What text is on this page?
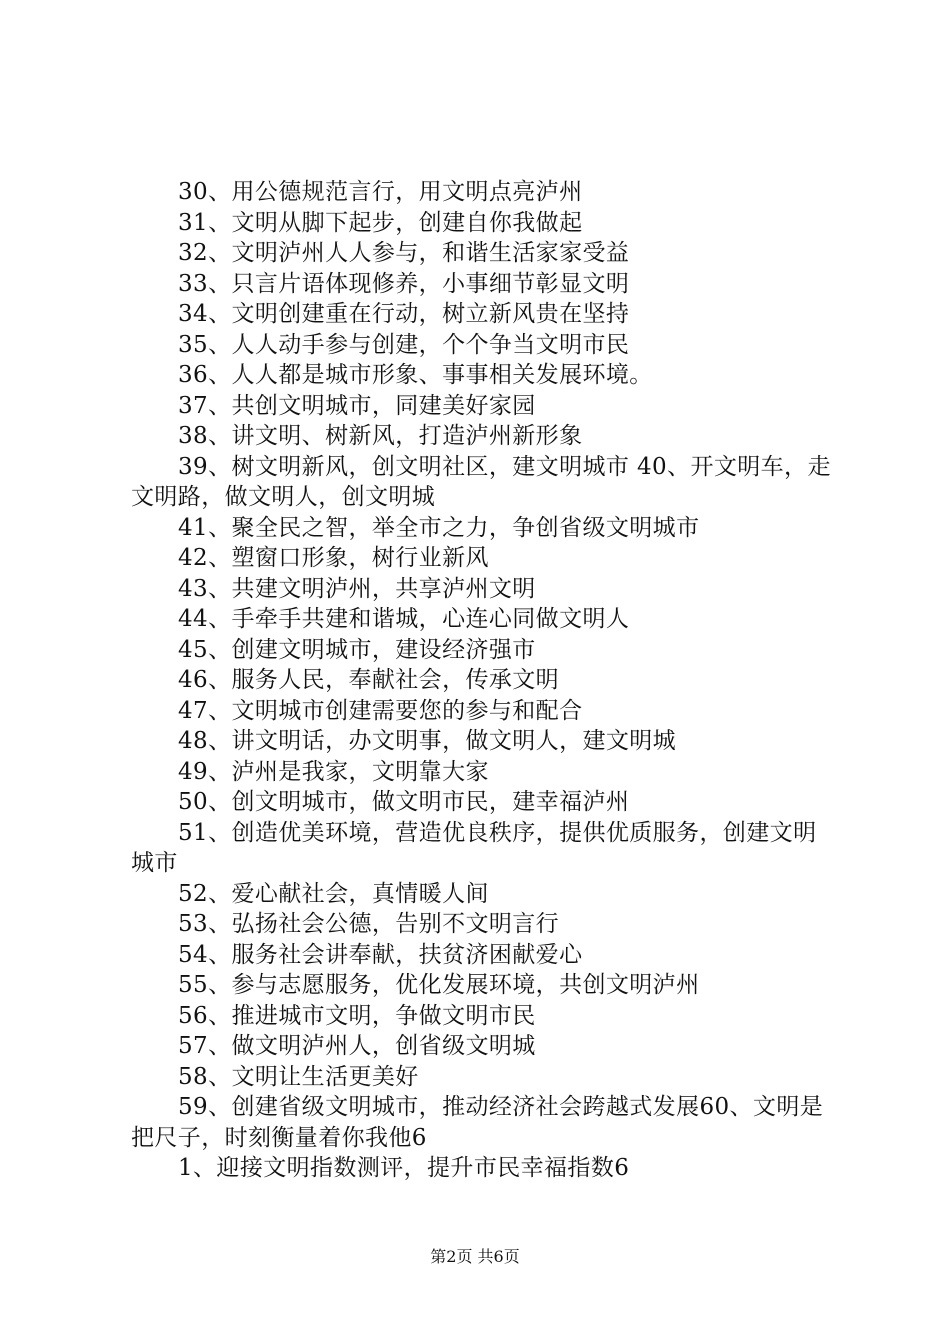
30、用公德规范言行，用文明点亮泸州

31、文明从脚下起步，创建自你我做起

32、文明泸州人人参与，和谐生活家家受益

33、只言片语体现修养，小事细节彰显文明

34、文明创建重在行动，树立新风贵在坚持

35、人人动手参与创建，个个争当文明市民

36、人人都是城市形象、事事相关发展环境。

37、共创文明城市，同建美好家园

38、讲文明、树新风，打造泸州新形象

39、树文明新风，创文明社区，建文明城市 40、开文明车，走文明路，做文明人，创文明城

41、聚全民之智，举全市之力，争创省级文明城市

42、塑窗口形象，树行业新风

43、共建文明泸州，共享泸州文明

44、手牵手共建和谐城，心连心同做文明人

45、创建文明城市，建设经济强市

46、服务人民，奉献社会，传承文明

47、文明城市创建需要您的参与和配合

48、讲文明话，办文明事，做文明人，建文明城

49、泸州是我家，文明靠大家

50、创文明城市，做文明市民，建幸福泸州

51、创造优美环境，营造优良秩序，提供优质服务，创建文明城市

52、爱心献社会，真情暖人间

53、弘扬社会公德，告别不文明言行

54、服务社会讲奉献，扶贫济困献爱心

55、参与志愿服务，优化发展环境，共创文明泸州

56、推进城市文明，争做文明市民

57、做文明泸州人，创省级文明城

58、文明让生活更美好

59、创建省级文明城市，推动经济社会跨越式发展60、文明是把尺子，时刻衡量着你我他6

1、迎接文明指数测评，提升市民幸福指数6

第2页 共6页
